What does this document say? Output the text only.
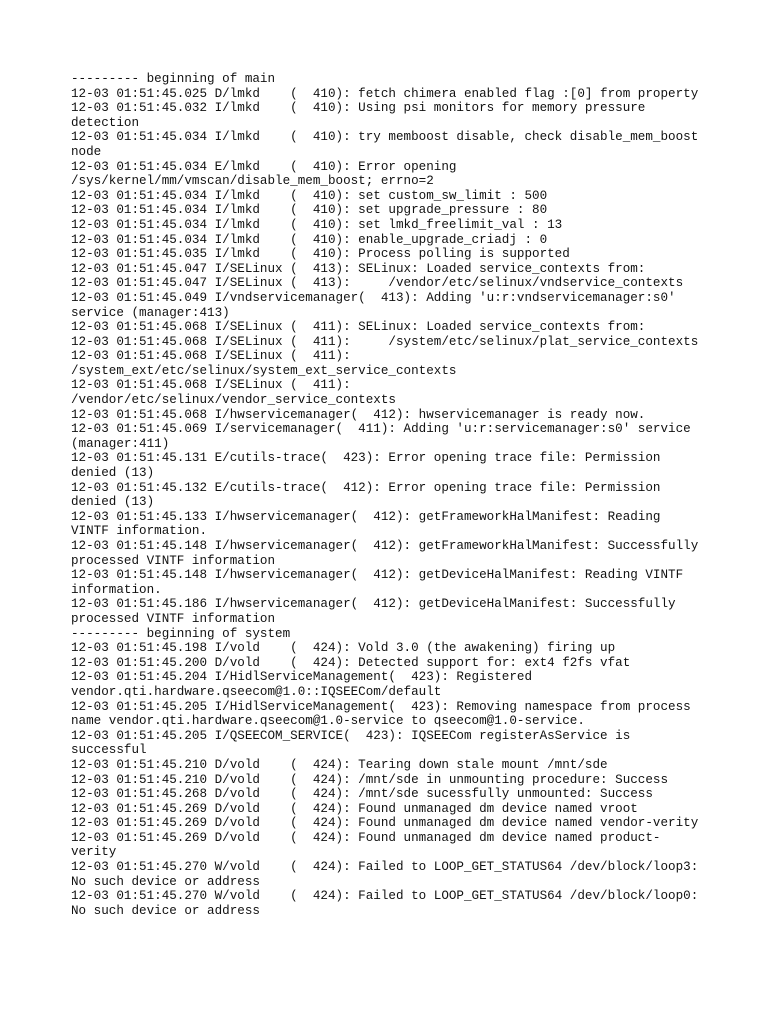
--------- beginning of main
12-03 01:51:45.025 D/lmkd    (  410): fetch chimera enabled flag :[0] from property
12-03 01:51:45.032 I/lmkd    (  410): Using psi monitors for memory pressure
detection
12-03 01:51:45.034 I/lmkd    (  410): try memboost disable, check disable_mem_boost
node
12-03 01:51:45.034 E/lmkd    (  410): Error opening
/sys/kernel/mm/vmscan/disable_mem_boost; errno=2
12-03 01:51:45.034 I/lmkd    (  410): set custom_sw_limit : 500
12-03 01:51:45.034 I/lmkd    (  410): set upgrade_pressure : 80
12-03 01:51:45.034 I/lmkd    (  410): set lmkd_freelimit_val : 13
12-03 01:51:45.034 I/lmkd    (  410): enable_upgrade_criadj : 0
12-03 01:51:45.035 I/lmkd    (  410): Process polling is supported
12-03 01:51:45.047 I/SELinux (  413): SELinux: Loaded service_contexts from:
12-03 01:51:45.047 I/SELinux (  413):     /vendor/etc/selinux/vndservice_contexts
12-03 01:51:45.049 I/vndservicemanager(  413): Adding 'u:r:vndservicemanager:s0'
service (manager:413)
12-03 01:51:45.068 I/SELinux (  411): SELinux: Loaded service_contexts from:
12-03 01:51:45.068 I/SELinux (  411):     /system/etc/selinux/plat_service_contexts
12-03 01:51:45.068 I/SELinux (  411):
/system_ext/etc/selinux/system_ext_service_contexts
12-03 01:51:45.068 I/SELinux (  411):
/vendor/etc/selinux/vendor_service_contexts
12-03 01:51:45.068 I/hwservicemanager(  412): hwservicemanager is ready now.
12-03 01:51:45.069 I/servicemanager(  411): Adding 'u:r:servicemanager:s0' service
(manager:411)
12-03 01:51:45.131 E/cutils-trace(  423): Error opening trace file: Permission
denied (13)
12-03 01:51:45.132 E/cutils-trace(  412): Error opening trace file: Permission
denied (13)
12-03 01:51:45.133 I/hwservicemanager(  412): getFrameworkHalManifest: Reading
VINTF information.
12-03 01:51:45.148 I/hwservicemanager(  412): getFrameworkHalManifest: Successfully
processed VINTF information
12-03 01:51:45.148 I/hwservicemanager(  412): getDeviceHalManifest: Reading VINTF
information.
12-03 01:51:45.186 I/hwservicemanager(  412): getDeviceHalManifest: Successfully
processed VINTF information
--------- beginning of system
12-03 01:51:45.198 I/vold    (  424): Vold 3.0 (the awakening) firing up
12-03 01:51:45.200 D/vold    (  424): Detected support for: ext4 f2fs vfat
12-03 01:51:45.204 I/HidlServiceManagement(  423): Registered
vendor.qti.hardware.qseecom@1.0::IQSEECom/default
12-03 01:51:45.205 I/HidlServiceManagement(  423): Removing namespace from process
name vendor.qti.hardware.qseecom@1.0-service to qseecom@1.0-service.
12-03 01:51:45.205 I/QSEECOM_SERVICE(  423): IQSEECom registerAsService is
successful
12-03 01:51:45.210 D/vold    (  424): Tearing down stale mount /mnt/sde
12-03 01:51:45.210 D/vold    (  424): /mnt/sde in unmounting procedure: Success
12-03 01:51:45.268 D/vold    (  424): /mnt/sde sucessfully unmounted: Success
12-03 01:51:45.269 D/vold    (  424): Found unmanaged dm device named vroot
12-03 01:51:45.269 D/vold    (  424): Found unmanaged dm device named vendor-verity
12-03 01:51:45.269 D/vold    (  424): Found unmanaged dm device named product-
verity
12-03 01:51:45.270 W/vold    (  424): Failed to LOOP_GET_STATUS64 /dev/block/loop3:
No such device or address
12-03 01:51:45.270 W/vold    (  424): Failed to LOOP_GET_STATUS64 /dev/block/loop0:
No such device or address
